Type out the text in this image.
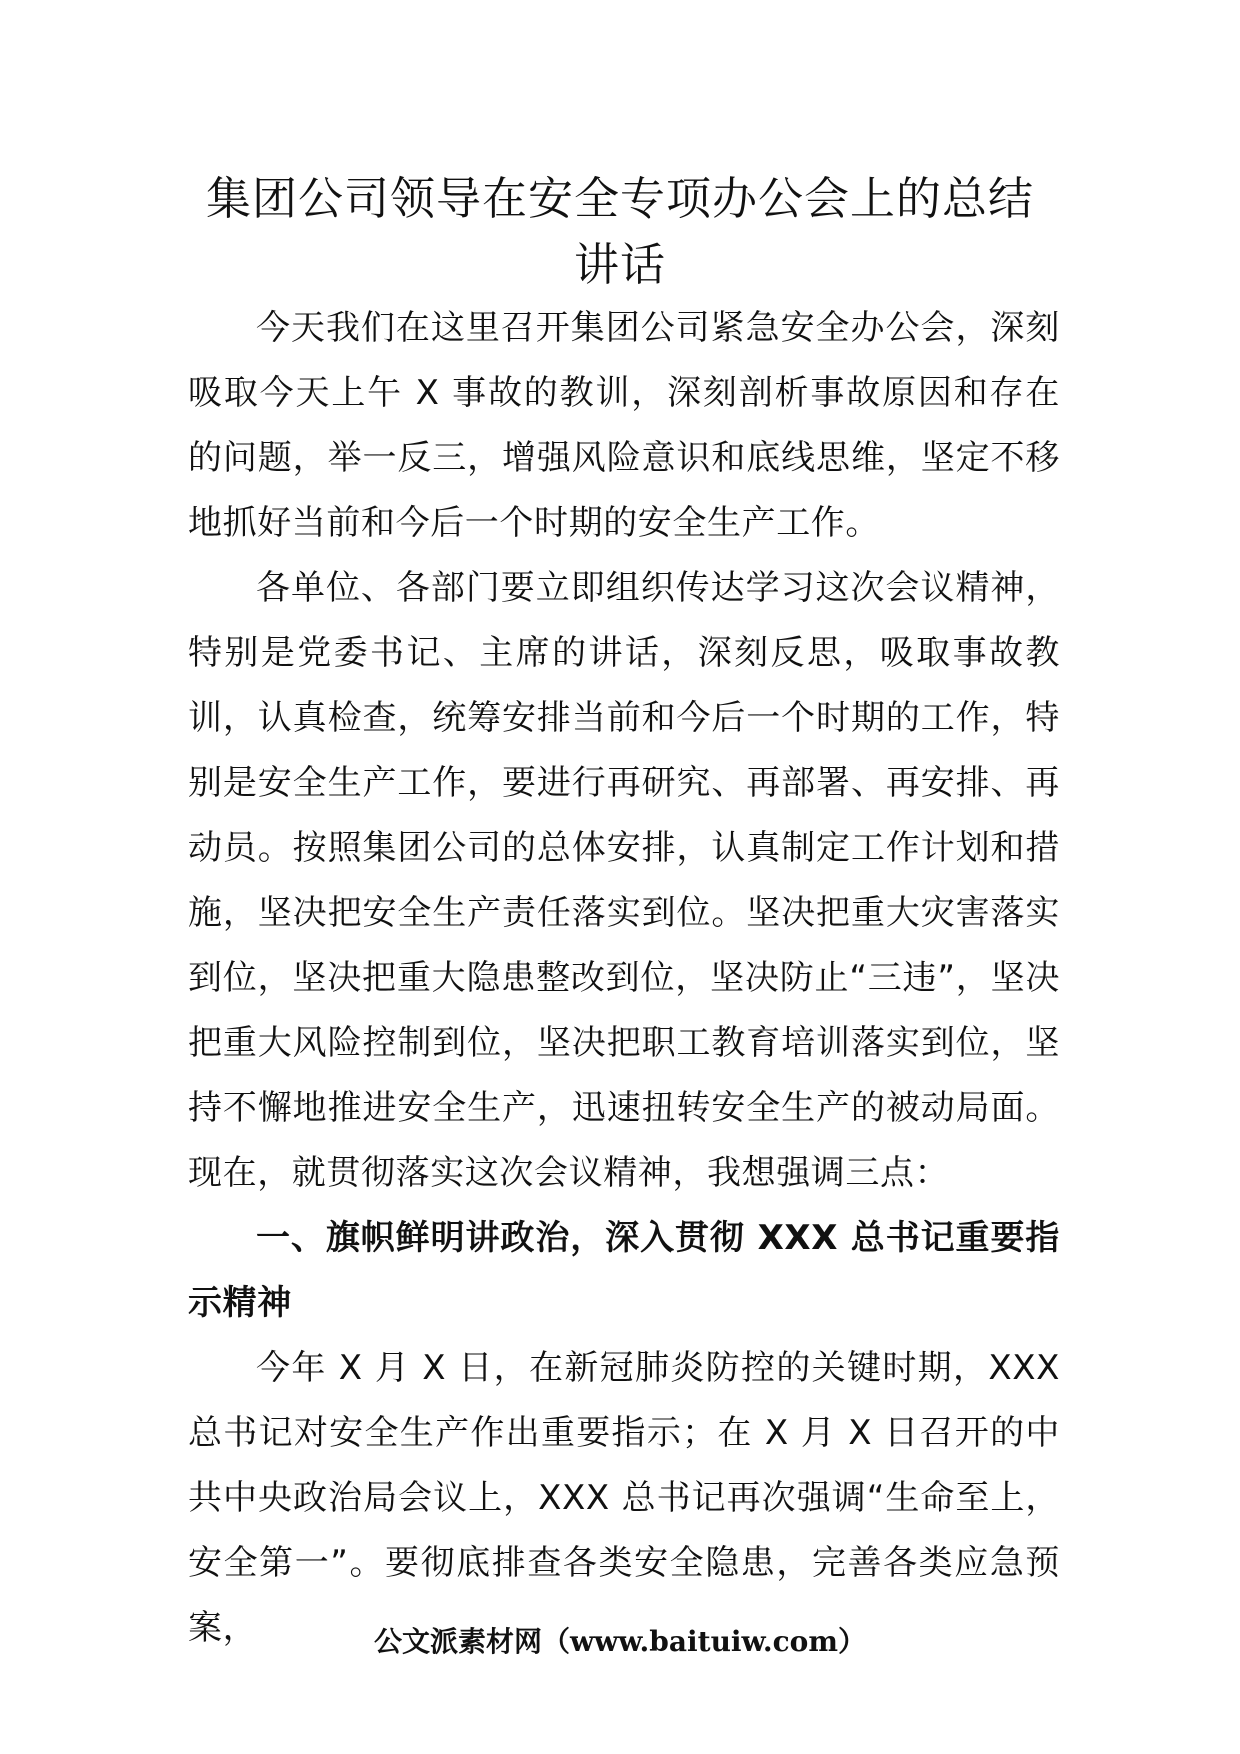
集团公司领导在安全专项办公会上的总结
讲话

今天我们在这里召开集团公司紧急安全办公会，深刻吸取今天上午 X 事故的教训，深刻剖析事故原因和存在的问题，举一反三，增强风险意识和底线思维，坚定不移地抓好当前和今后一个时期的安全生产工作。

各单位、各部门要立即组织传达学习这次会议精神，特别是党委书记、主席的讲话，深刻反思，吸取事故教训，认真检查，统筹安排当前和今后一个时期的工作，特别是安全生产工作，要进行再研究、再部署、再安排、再动员。按照集团公司的总体安排，认真制定工作计划和措施，坚决把安全生产责任落实到位。坚决把重大灾害落实到位，坚决把重大隐患整改到位，坚决防止“三违”，坚决把重大风险控制到位，坚决把职工教育培训落实到位，坚持不懈地推进安全生产，迅速扭转安全生产的被动局面。现在，就贯彻落实这次会议精神，我想强调三点：

一、旗帜鲜明讲政治，深入贯彻 XXX 总书记重要指示精神

今年 X 月 X 日，在新冠肺炎防控的关键时期，XXX 总书记对安全生产作出重要指示；在 X 月 X 日召开的中共中央政治局会议上，XXX 总书记再次强调“生命至上，安全第一”。要彻底排查各类安全隐患，完善各类应急预案，	公文派素材网（www.baituiw.com）
